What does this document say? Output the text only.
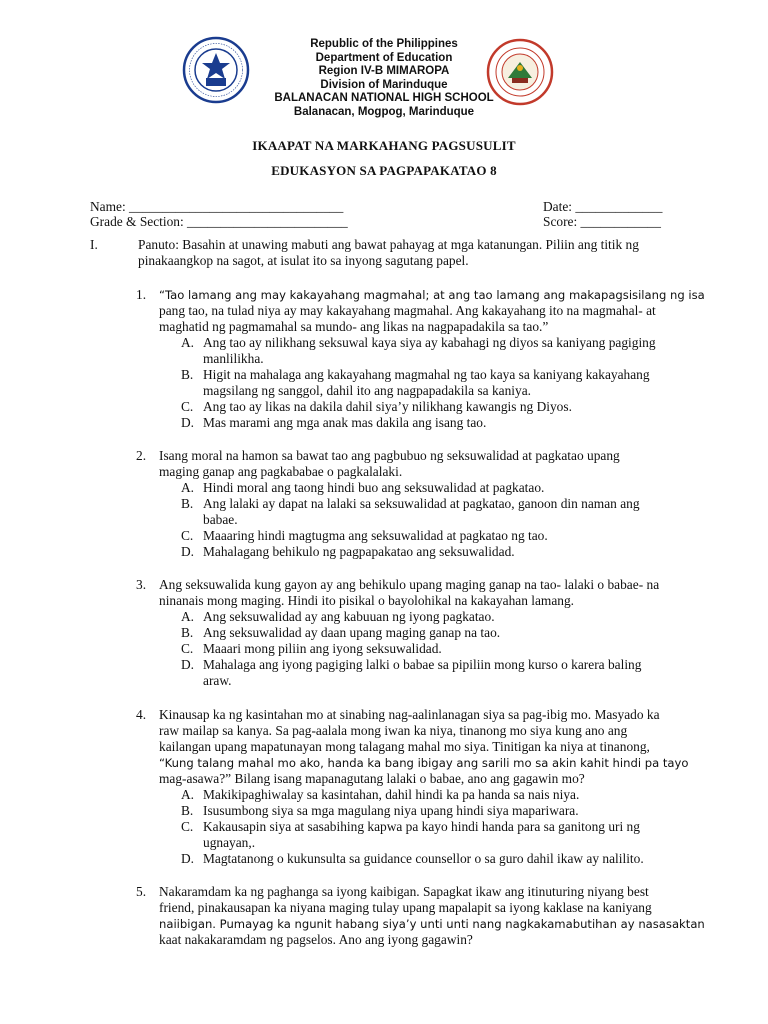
Republic of the Philippines
Department of Education
Region IV-B MIMAROPA
Division of Marinduque
BALANACAN NATIONAL HIGH SCHOOL
Balanacan, Mogpog, Marinduque
IKAAPAT NA MARKAHANG PAGSUSULIT
EDUKASYON SA PAGPAPAKATAO 8
Name: ________________________________
Grade & Section: ________________________
Date: _____________
Score: ____________
I.	Panuto: Basahin at unawing mabuti ang bawat pahayag at mga katanungan. Piliin ang titik ng
pinakaangkop na sagot, at isulat ito sa inyong sagutang papel.
1. “Tao lamang ang may kakayahang magmahal; at ang tao lamang ang makapagsisilang ng isa
pang tao, na tulad niya ay may kakayahang magmahal. Ang kakayahang ito na magmahal- at
maghatid ng pagmamahal sa mundo- ang likas na nagpapadakila sa tao.”
A. Ang tao ay nilikhang seksuwal kaya siya ay kabahagi ng diyos sa kaniyang pagiging
manlilikha.
B. Higit na mahalaga ang kakayahang magmahal ng tao kaya sa kaniyang kakayahang
magsilang ng sanggol, dahil ito ang nagpapadakila sa kaniya.
C. Ang tao ay likas na dakila dahil siya’y nilikhang kawangis ng Diyos.
D. Mas marami ang mga anak mas dakila ang isang tao.
2. Isang moral na hamon sa bawat tao ang pagbubuo ng seksuwalidad at pagkatao upang
maging ganap ang pagkababae o pagkalalaki.
A. Hindi moral ang taong hindi buo ang seksuwalidad at pagkatao.
B. Ang lalaki ay dapat na lalaki sa seksuwalidad at pagkatao, ganoon din naman ang
babae.
C. Maaaring hindi magtugma ang seksuwalidad at pagkatao ng tao.
D. Mahalagang behikulo ng pagpapakatao ang seksuwalidad.
3. Ang seksuwalida kung gayon ay ang behikulo upang maging ganap na tao- lalaki o babae- na
ninanais mong maging. Hindi ito pisikal o bayolohikal na kakayahan lamang.
A. Ang seksuwalidad ay ang kabuuan ng iyong pagkatao.
B. Ang seksuwalidad ay daan upang maging ganap na tao.
C. Maaari mong piliin ang iyong seksuwalidad.
D. Mahalaga ang iyong pagiging lalki o babae sa pipiliin mong kurso o karera baling
araw.
4. Kinausap ka ng kasintahan mo at sinabing nag-aalinlanagan siya sa pag-ibig mo. Masyado ka
raw mailap sa kanya. Sa pag-aalala mong iwan ka niya, tinanong mo siya kung ano ang
kailangan upang mapatunayan mong talagang mahal mo siya. Tinitigan ka niya at tinanong,
“Kung talang mahal mo ako, handa ka bang ibigay ang sarili mo sa akin kahit hindi pa tayo
mag-asawa?” Bilang isang mapanagutang lalaki o babae, ano ang gagawin mo?
A. Makikipaghiwalay sa kasintahan, dahil hindi ka pa handa sa nais niya.
B. Isusumbong siya sa mga magulang niya upang hindi siya mapariwara.
C. Kakausapin siya at sasabihing kapwa pa kayo hindi handa para sa ganitong uri ng
ugnayan,.
D. Magtatanong o kukunsulta sa guidance counsellor o sa guro dahil ikaw ay nalilito.
5. Nakaramdam ka ng paghanga sa iyong kaibigan. Sapagkat ikaw ang itinuturing niyang best
friend, pinakausapan ka niyana maging tulay upang mapalapit sa iyong kaklase na kaniyang
naiibigan. Pumayag ka ngunit habang siya’y unti unti nang nagkakamabutihan ay nasasaktan
kaat nakakaramdam ng pagselos. Ano ang iyong gagawin?
